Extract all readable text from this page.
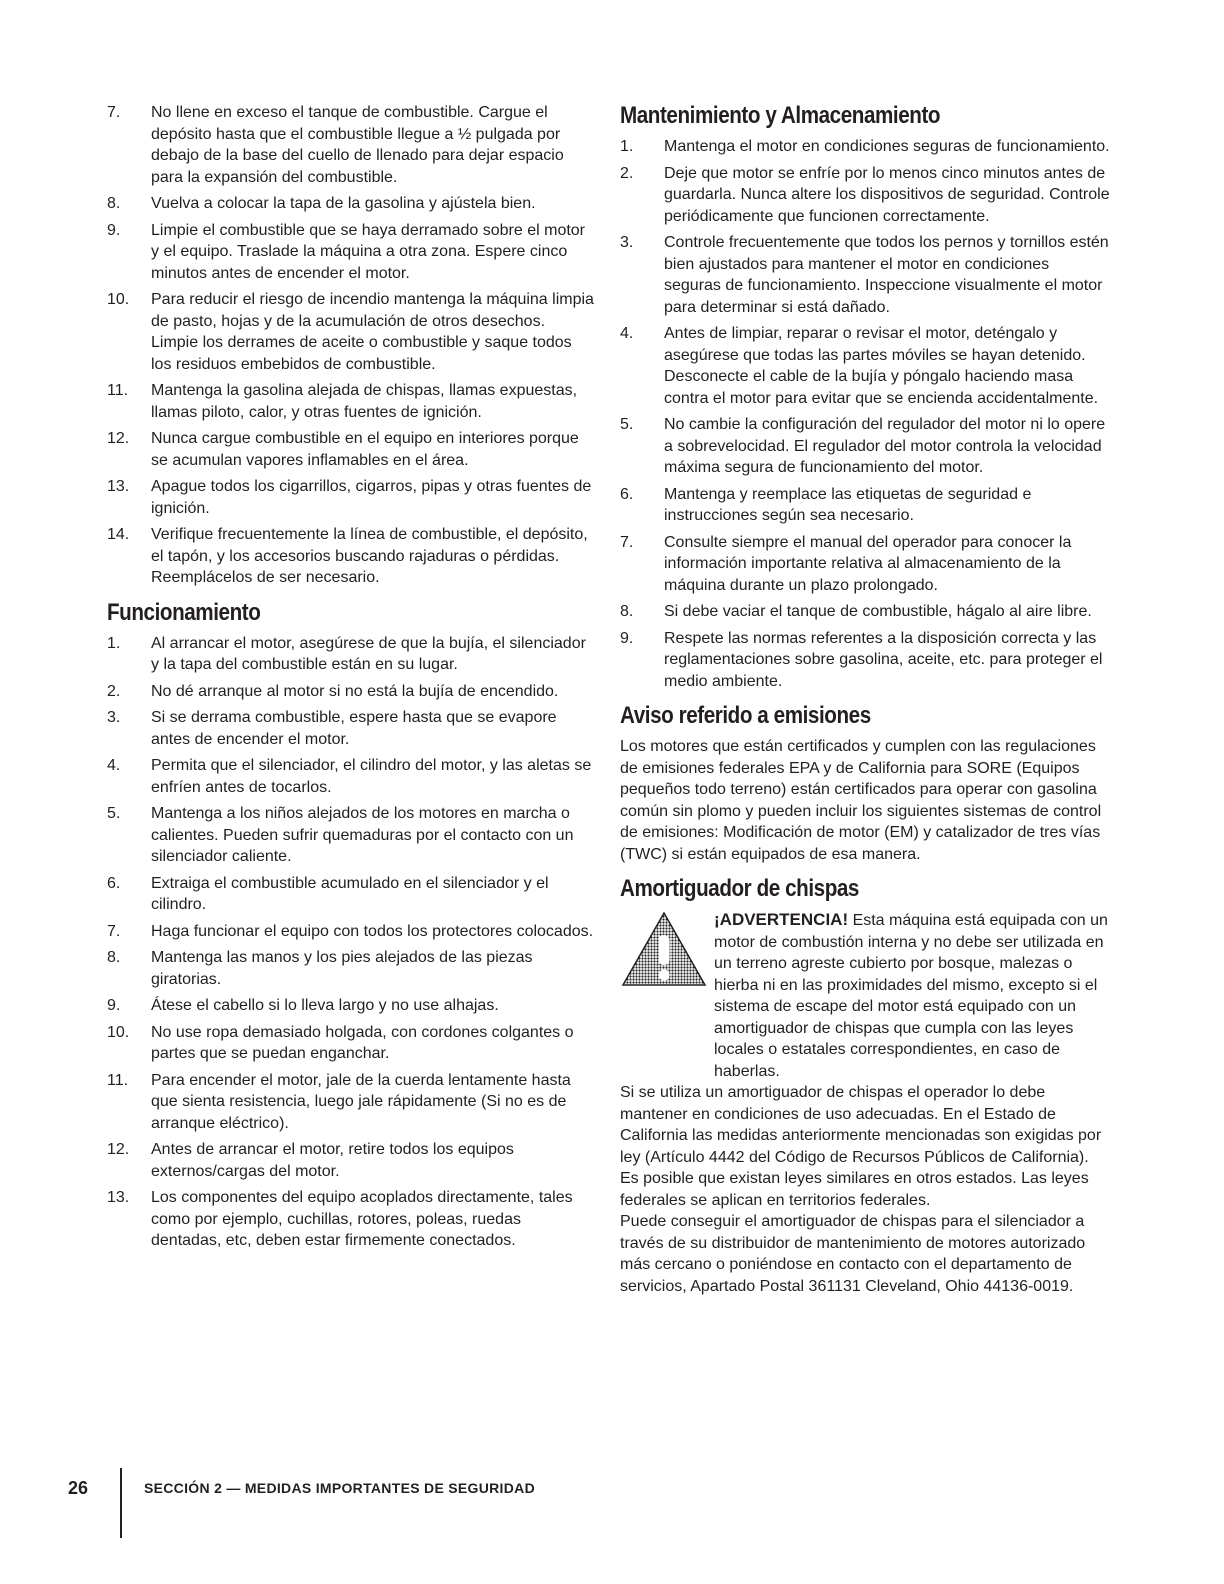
7.	No llene en exceso el tanque de combustible. Cargue el depósito hasta que el combustible llegue a ½ pulgada por debajo de la base del cuello de llenado para dejar espacio para la expansión del combustible.
8.	Vuelva a colocar la tapa de la gasolina y ajústela bien.
9.	Limpie el combustible que se haya derramado sobre el motor y el equipo. Traslade la máquina a otra zona. Espere cinco minutos antes de encender el motor.
10.	Para reducir el riesgo de incendio mantenga la máquina limpia de pasto, hojas y de la acumulación de otros desechos. Limpie los derrames de aceite o combustible y saque todos los residuos embebidos de combustible.
11.	Mantenga la gasolina alejada de chispas, llamas expuestas, llamas piloto, calor, y otras fuentes de ignición.
12.	Nunca cargue combustible en el equipo en interiores porque se acumulan vapores inflamables en el área.
13.	Apague todos los cigarrillos, cigarros, pipas y otras fuentes de ignición.
14.	Verifique frecuentemente la línea de combustible, el depósito, el tapón, y los accesorios buscando rajaduras o pérdidas. Reemplácelos de ser necesario.
Funcionamiento
1.	Al arrancar el motor, asegúrese de que la bujía, el silenciador y la tapa del combustible están en su lugar.
2.	No dé arranque al motor si no está la bujía de encendido.
3.	Si se derrama combustible, espere hasta que se evapore antes de encender el motor.
4.	Permita que el silenciador, el cilindro del motor, y las aletas se enfríen antes de tocarlos.
5.	Mantenga a los niños alejados de los motores en marcha o calientes. Pueden sufrir quemaduras por el contacto con un silenciador caliente.
6.	Extraiga el combustible acumulado en el silenciador y el cilindro.
7.	Haga funcionar el equipo con todos los protectores colocados.
8.	Mantenga las manos y los pies alejados de las piezas giratorias.
9.	Átese el cabello si lo lleva largo y no use alhajas.
10.	No use ropa demasiado holgada, con cordones colgantes o partes que se puedan enganchar.
11.	Para encender el motor, jale de la cuerda lentamente hasta que sienta resistencia, luego jale rápidamente (Si no es de arranque eléctrico).
12.	Antes de arrancar el motor, retire todos los equipos externos/cargas del motor.
13.	Los componentes del equipo acoplados directamente, tales como por ejemplo, cuchillas, rotores, poleas, ruedas dentadas, etc, deben estar firmemente conectados.
Mantenimiento y Almacenamiento
1.	Mantenga el motor en condiciones seguras de funcionamiento.
2.	Deje que motor se enfríe por lo menos cinco minutos antes de guardarla. Nunca altere los dispositivos de seguridad. Controle periódicamente que funcionen correctamente.
3.	Controle frecuentemente que todos los pernos y tornillos estén bien ajustados para mantener el motor en condiciones seguras de funcionamiento. Inspeccione visualmente el motor para determinar si está dañado.
4.	Antes de limpiar, reparar o revisar el motor, deténgalo y asegúrese que todas las partes móviles se hayan detenido. Desconecte el cable de la bujía y póngalo haciendo masa contra el motor para evitar que se encienda accidentalmente.
5.	No cambie la configuración del regulador del motor ni lo opere a sobrevelocidad. El regulador del motor controla la velocidad máxima segura de funcionamiento del motor.
6.	Mantenga y reemplace las etiquetas de seguridad e instrucciones según sea necesario.
7.	Consulte siempre el manual del operador para conocer la información importante relativa al almacenamiento de la máquina durante un plazo prolongado.
8.	Si debe vaciar el tanque de combustible, hágalo al aire libre.
9.	Respete las normas referentes a la disposición correcta y las reglamentaciones sobre gasolina, aceite, etc. para proteger el medio ambiente.
Aviso referido a emisiones

Los motores que están certificados y cumplen con las regulaciones de emisiones federales EPA y de California para SORE (Equipos pequeños todo terreno) están certificados para operar con gasolina común sin plomo y pueden incluir los siguientes sistemas de control de emisiones: Modificación de motor (EM) y catalizador de tres vías (TWC) si están equipados de esa manera.

Amortiguador de chispas
¡ADVERTENCIA! Esta máquina está equipada con un motor de combustión interna y no debe ser utilizada en un terreno agreste cubierto por bosque, malezas o hierba ni en las proximidades del mismo, excepto si el sistema de escape del motor está equipado con un amortiguador de chispas que cumpla con las leyes locales o estatales correspondientes, en caso de haberlas.

Si se utiliza un amortiguador de chispas el operador lo debe mantener en condiciones de uso adecuadas. En el Estado de California las medidas anteriormente mencionadas son exigidas por ley (Artículo 4442 del Código de Recursos Públicos de California). Es posible que existan leyes similares en otros estados. Las leyes federales se aplican en territorios federales.

Puede conseguir el amortiguador de chispas para el silenciador a través de su distribuidor de mantenimiento de motores autorizado más cercano o poniéndose en contacto con el departamento de servicios, Apartado Postal 361131 Cleveland, Ohio 44136-0019.

26	SECCIÓN 2 — MEDIDAS IMPORTANTES DE SEGURIDAD
